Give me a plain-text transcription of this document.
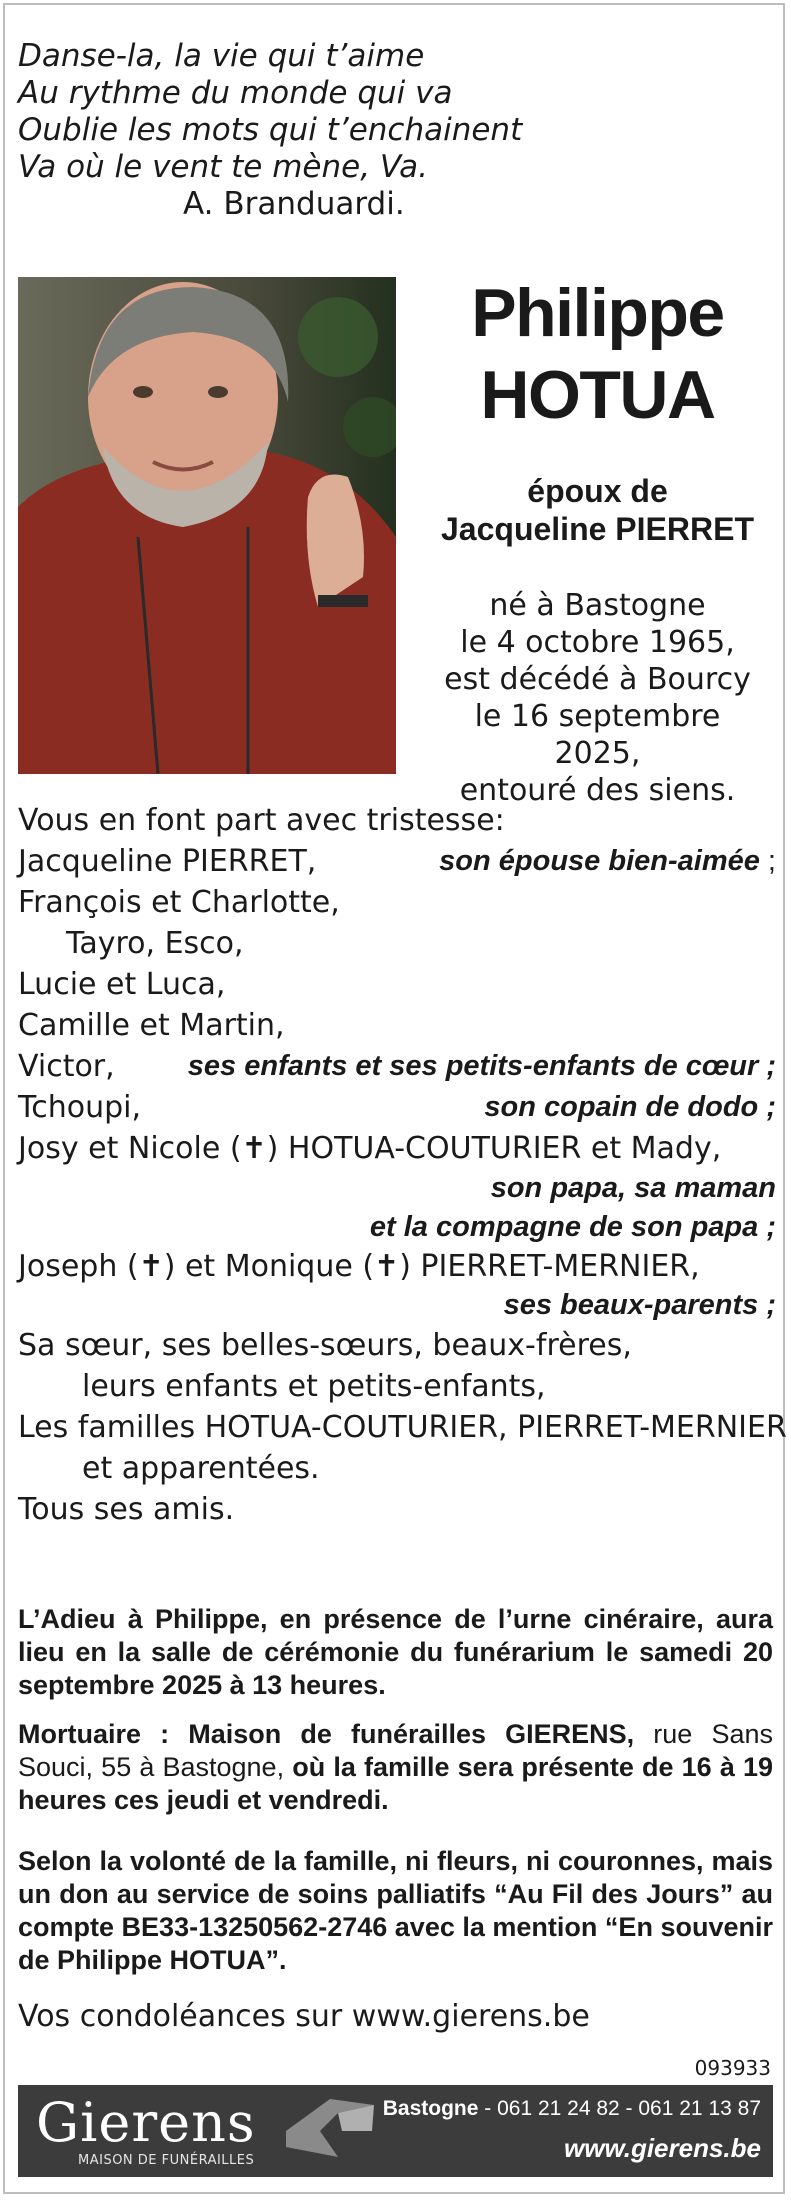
Danse-la, la vie qui t’aime
Au rythme du monde qui va
Oublie les mots qui t’enchainent
Va où le vent te mène, Va.
A. Branduardi.
Philippe
HOTUA
époux de
Jacqueline PIERRET
né à Bastogne
le 4 octobre 1965,
est décédé à Bourcy
le 16 septembre 2025,
entouré des siens.
Vous en font part avec tristesse:
Jacqueline PIERRET,	son épouse bien-aimée ;
François et Charlotte,
Tayro, Esco,
Lucie et Luca,
Camille et Martin,
Victor,	ses enfants et ses petits-enfants de cœur ;
Tchoupi,	son copain de dodo ;
Josy et Nicole (✝) HOTUA-COUTURIER et Mady,
son papa, sa maman
et la compagne de son papa ;
Joseph (✝) et Monique (✝) PIERRET-MERNIER,
ses beaux-parents ;
Sa sœur, ses belles-sœurs, beaux-frères,
leurs enfants et petits-enfants,
Les familles HOTUA-COUTURIER, PIERRET-MERNIER
et apparentées.
Tous ses amis.
L’Adieu à Philippe, en présence de l’urne cinéraire, aura lieu en la salle de cérémonie du funérarium le samedi 20 septembre 2025 à 13 heures.
Mortuaire : Maison de funérailles GIERENS, rue Sans Souci, 55 à Bastogne, où la famille sera présente de 16 à 19 heures ces jeudi et vendredi.
Selon la volonté de la famille, ni fleurs, ni couronnes, mais un don au service de soins palliatifs “Au Fil des Jours” au compte BE33-13250562-2746 avec la mention “En souvenir de Philippe HOTUA”.
Vos condoléances sur www.gierens.be
093933
Gierens
MAISON DE FUNÉRAILLES
Bastogne - 061 21 24 82 - 061 21 13 87
www.gierens.be
